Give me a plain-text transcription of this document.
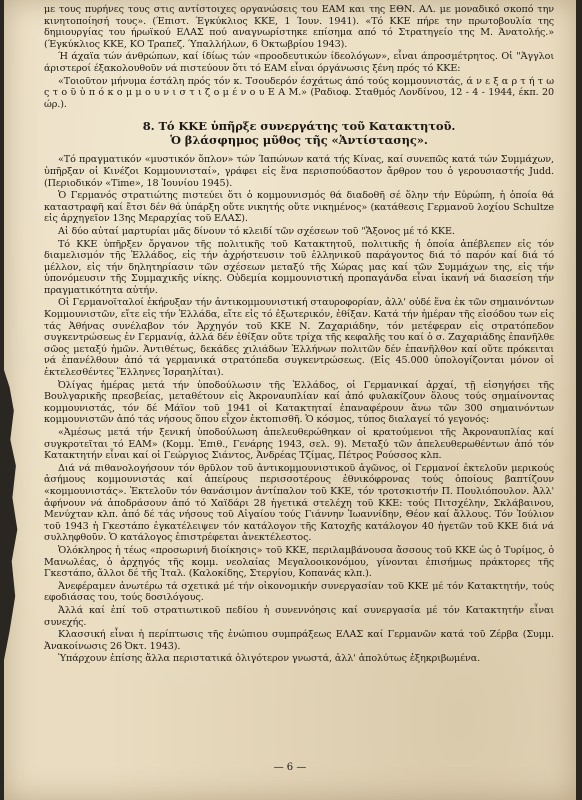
με τους πυρήνες τους στις αντίστοιχες οργανώσεις του ΕΑΜ και της ΕΘΝ. ΑΛ. με μοναδικό σκοπό την κινητοποίησή τους». (Έπιστ. Έγκύκλιος ΚΚΕ, 1 Ίουν. 1941). «Τό ΚΚΕ πήρε την πρωτοβουλία της δημιουργίας του ήρωϊκού ΕΛΑΣ πού αναγνωρίστηκε επίσημα από τό Στρατηγείο της Μ. Άνατολής.» (Έγκύκλιος ΚΚΕ, ΚΟ Τραπεζ. Ύπαλλήλων, 6 Όκτωβρίου 1943).

Ή άχαϊα τών άνθρώπων, καί ίδίως τών «προοδευτικών ίδεολόγων», εἶναι άπροσμέτρητος. Οἱ "Άγγλοι άριστεροί έξακολουθοῦν νά πιστεύουν ὅτι τό ΕΑΜ εἶναι όργάνωσις ξένη πρός τό ΚΚΕ:

«Τοιοῦτον μήνυμα έστάλη πρός τόν κ. Τσουδερόν έσχάτως άπό τούς κομμουνιστάς, ά ν ε ξ α ρ τ ή τ ω ς τ ο ῦ ὑ π ό κ ο μ μ ο υ ν ι σ τ ι ζ ο μ έ ν ο υ Ε Α Μ.» (Ραδιοφ. Σταθμός Λονδίνου, 12 - 4 - 1944, έκπ. 20 ώρ.).

8. Τό ΚΚΕ ὑπῆρξε συνεργάτης τοῦ Κατακτητοῦ.
Ὁ βλάσφημος μῦθος τῆς «Ἀντίστασης».

«Τό πραγματικόν «μυστικόν ὅπλον» τών Ίαπώνων κατά τής Κίνας, καί συνεπῶς κατά τών Συμμάχων, ὑπῆρξαν οἱ Κινέζοι Κομμουνισταί», γράφει εἰς ἕνα περισπούδαστον ἄρθρον του ὁ γερουσιαστής Judd. (Περιοδικόν «Time», 18 Ἰουνίου 1945).

Ὁ Γερμανός στρατιώτης πιστεύει ὅτι ὁ κομμουνισμός θά διαδοθῆ σέ ὅλην τήν Εὐρώπη, ἡ ὁποία θά καταστραφῆ καί ἔτσι δέν θά ὑπάρξη οὔτε νικητής οὔτε νικημένος» (κατάθεσις Γερμανοῦ λοχίου Schultze εἰς ἀρχηγεῖον 13ης Μεραρχίας τοῦ ΕΛΑΣ).

Αἱ δύο αὐταί μαρτυρίαι μᾶς δίνουν τό κλειδί τῶν σχέσεων τοῦ "Ἄξονος μέ τό ΚΚΕ.

Τό ΚΚΕ ὑπῆρξεν ὄργανον τῆς πολιτικῆς τοῦ Κατακτητοῦ, πολιτικῆς ἡ ὁποία ἀπέβλεπεν εἰς τόν διαμελισμόν τῆς Ἑλλάδος, εἰς τήν ἀχρήστευσιν τοῦ ἑλληνικοῦ παράγοντος διά τό παρόν καί διά τό μέλλον, εἰς τήν δηλητηρίασιν τῶν σχέσεων μεταξύ τῆς Χώρας μας καί τῶν Συμμάχων της, εἰς τήν ὑπονόμευσιν τῆς Συμμαχικῆς νίκης. Οὐδεμία κομμουνιστική προπαγάνδα εἶναι ἱκανή νά διασείση τήν πραγματικότητα αὐτήν.

Οἱ Γερμανοϊταλοί ἐκήρυξαν τήν ἀντικομμουνιστική σταυροφορίαν, ἀλλ' οὐδέ ἕνα ἐκ τῶν σημαινόντων Κομμουνιστῶν, εἴτε εἰς τήν Ἑλλάδα, εἴτε εἰς τό ἐξωτερικόν, ἐθίξαν. Κατά τήν ἡμέραν τῆς εἰσόδου των εἰς τάς Ἀθήνας συνέλαβον τόν Ἀρχηγόν τοῦ ΚΚΕ Ν. Ζαχαριάδην, τόν μετέφεραν εἰς στρατόπεδον συγκεντρώσεως ἐν Γερμανίᾳ, ἀλλά δέν ἐθίξαν οὔτε τρίχα τῆς κεφαλῆς του καί ὁ σ. Ζαχαριάδης ἐπανῆλθε σῶος μεταξύ ἡμῶν. Ἀντιθέτως, δεκάδες χιλιάδων Ἑλλήνων πολιτῶν δέν ἐπανῆλθον καί οὔτε πρόκειται νά ἐπανέλθουν ἀπό τά γερμανικά στρατόπεδα συγκεντρώσεως. (Εἰς 45.000 ὑπολογίζονται μόνον οἱ ἐκτελεσθέντες Ἕλληνες Ἰσραηλίται).

Ὀλίγας ἡμέρας μετά τήν ὑποδούλωσιν τῆς Ἑλλάδος, οἱ Γερμανικαί ἀρχαί, τῇ εἰσηγήσει τῆς Βουλγαρικῆς πρεσβείας, μεταθέτουν εἰς Ἀκροναυπλίαν καί ἀπό φυλακίζουν ὅλους τούς σημαίνοντας κομμουνιστάς, τόν δέ Μάϊον τοῦ 1941 οἱ Κατακτηταί ἐπαναφέρουν ἄνω τῶν 300 σημαινόντων κομμουνιστῶν ἀπό τάς νήσους ὅπου εἶχον ἐκτοπισθῆ. Ὁ κόσμος, τύπος διαλαγεί τό γεγονός:

«Ἀμέσως μετά τήν ξενική ὑποδούλωση ἀπελευθερώθηκαν οἱ κρατούμενοι τῆς Ἀκροναυπλίας καί συγκροτεῖται τό ΕΑΜ» (Κομμ. Ἐπιθ., Γενάρης 1943, σελ. 9). Μεταξύ τῶν ἀπελευθερωθέντων ἀπό τόν Κατακτητήν εἶναι καί οἱ Γεώργιος Σιάντος, Ἀνδρέας Τζίμας, Πέτρος Ρούσσος κλπ.

Διά νά πιθανολογήσουν τόν θρῦλον τοῦ ἀντικομμουνιστικοῦ ἀγῶνος, οἱ Γερμανοί ἐκτελοῦν μερικούς ἀσήμους κομμουνιστάς καί ἀπείρους περισσοτέρους ἐθνικόφρονας τούς ὁποίους βαπτίζουν «κομμουνιστάς». Ἐκτελοῦν τόν θανάσιμον ἀντίπαλον τοῦ ΚΚΕ, τόν τροτσκιστήν Π. Πουλιόπουλον. Ἀλλ' ἀφήνουν νά ἀποδράσουν ἀπό τό Χαϊδάρι 28 ἡγετικά στελέχη τοῦ ΚΚΕ: τούς Πιτσχέλην, Σκλάβαινου, Μενύχταν κλπ. ἀπό δέ τάς νήσους τοῦ Αἰγαίου τούς Γιάννην Ἰωαννίδην, Θέον καί ἄλλους. Τόν Ἰούλιον τοῦ 1943 ἡ Γκεστάπο ἐγκατέλειψεν τόν κατάλογον τῆς Κατοχῆς κατάλογον 40 ἡγετῶν τοῦ ΚΚΕ διά νά συλληφθοῦν. Ὁ κατάλογος ἐπιστρέφεται ἀνεκτέλεστος.

Ὁλόκληρος ἡ τέως «προσωρινή διοίκησις» τοῦ ΚΚΕ, περιλαμβάνουσα ἄσσους τοῦ ΚΚΕ ὡς ὁ Τυρίμος, ὁ Μανωλέας, ὁ ἀρχηγός τῆς κομμ. νεολαίας Μεγαλοοικονόμου, γίνονται ἐπισήμως πράκτορες τῆς Γκεστάπο, ἄλλοι δέ τῆς Ἰταλ. (Καλοκίδης, Στεργίου, Κοπανάς κλπ.).

Ἀνεφέραμεν ἀνωτέρω τά σχετικά μέ τήν οἰκονομικήν συνεργασίαν τοῦ ΚΚΕ μέ τόν Κατακτητήν, τούς εφοδιάσας του, τούς δοσιλόγους.

Ἀλλά καί ἐπί τοῦ στρατιωτικοῦ πεδίου ἡ συνεννόησις καί συνεργασία μέ τόν Κατακτητήν εἶναι συνεχής.

Κλασσική εἶναι ἡ περίπτωσις τῆς ἐνώπιου συμπράξεως ΕΛΑΣ καί Γερμανῶν κατά τοῦ Ζέρβα (Συμμ. Ἀνακοίνωσις 26 Ὀκτ. 1943).

Ὑπάρχουν ἐπίσης ἄλλα περιστατικά ὀλιγότερον γνωστά, ἀλλ' ἀπολύτως ἐξηκριβωμένα.

— 6 —
